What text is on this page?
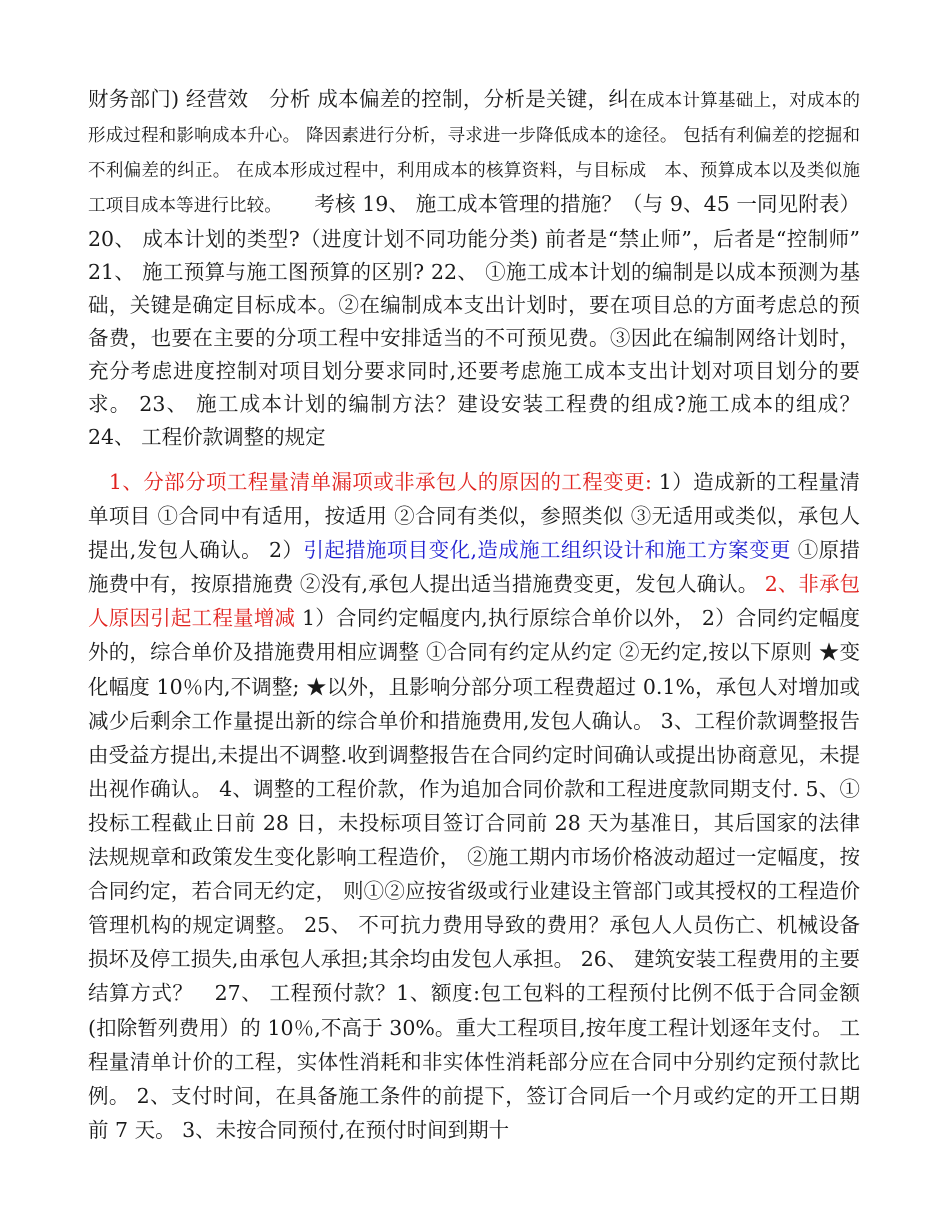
财务部门) 经营效　分析 成本偏差的控制，分析是关键，纠在成本计算基础上，对成本的形成过程和影响成本升心。 降因素进行分析，寻求进一步降低成本的途径。 包括有利偏差的挖掘和不利偏差的纠正。 在成本形成过程中，利用成本的核算资料，与目标成　本、预算成本以及类似施工项目成本等进行比较。　　考核 19、 施工成本管理的措施？（与 9、45 一同见附表） 20、 成本计划的类型?（进度计划不同功能分类) 前者是“禁止师”，后者是“控制师” 21、 施工预算与施工图预算的区别? 22、 ①施工成本计划的编制是以成本预测为基础，关键是确定目标成本。②在编制成本支出计划时，要在项目总的方面考虑总的预备费，也要在主要的分项工程中安排适当的不可预见费。③因此在编制网络计划时，充分考虑进度控制对项目划分要求同时,还要考虑施工成本支出计划对项目划分的要求。 23、 施工成本计划的编制方法？建设安装工程费的组成?施工成本的组成？ 24、 工程价款调整的规定

　1、分部分项工程量清单漏项或非承包人的原因的工程变更: 1）造成新的工程量清单项目 ①合同中有适用，按适用 ②合同有类似，参照类似 ③无适用或类似，承包人提出,发包人确认。 2）引起措施项目变化,造成施工组织设计和施工方案变更 ①原措施费中有，按原措施费 ②没有,承包人提出适当措施费变更，发包人确认。 2、非承包人原因引起工程量增减 1）合同约定幅度内,执行原综合单价以外， 2）合同约定幅度外的，综合单价及措施费用相应调整 ①合同有约定从约定 ②无约定,按以下原则 ★变化幅度 10％内,不调整; ★以外，且影响分部分项工程费超过 0.1%，承包人对增加或减少后剩余工作量提出新的综合单价和措施费用,发包人确认。 3、工程价款调整报告由受益方提出,未提出不调整.收到调整报告在合同约定时间确认或提出协商意见，未提出视作确认。 4、调整的工程价款，作为追加合同价款和工程进度款同期支付. 5、①投标工程截止日前 28 日，未投标项目签订合同前 28 天为基准日，其后国家的法律法规规章和政策发生变化影响工程造价， ②施工期内市场价格波动超过一定幅度，按合同约定，若合同无约定， 则①②应按省级或行业建设主管部门或其授权的工程造价管理机构的规定调整。 25、 不可抗力费用导致的费用？承包人人员伤亡、机械设备损坏及停工损失,由承包人承担;其余均由发包人承担。 26、 建筑安装工程费用的主要结算方式？　27、 工程预付款？1、额度:包工包料的工程预付比例不低于合同金额(扣除暂列费用）的 10％,不高于 30%。重大工程项目,按年度工程计划逐年支付。 工程量清单计价的工程，实体性消耗和非实体性消耗部分应在合同中分别约定预付款比例。 2、支付时间，在具备施工条件的前提下，签订合同后一个月或约定的开工日期前 7 天。 3、未按合同预付,在预付时间到期十
